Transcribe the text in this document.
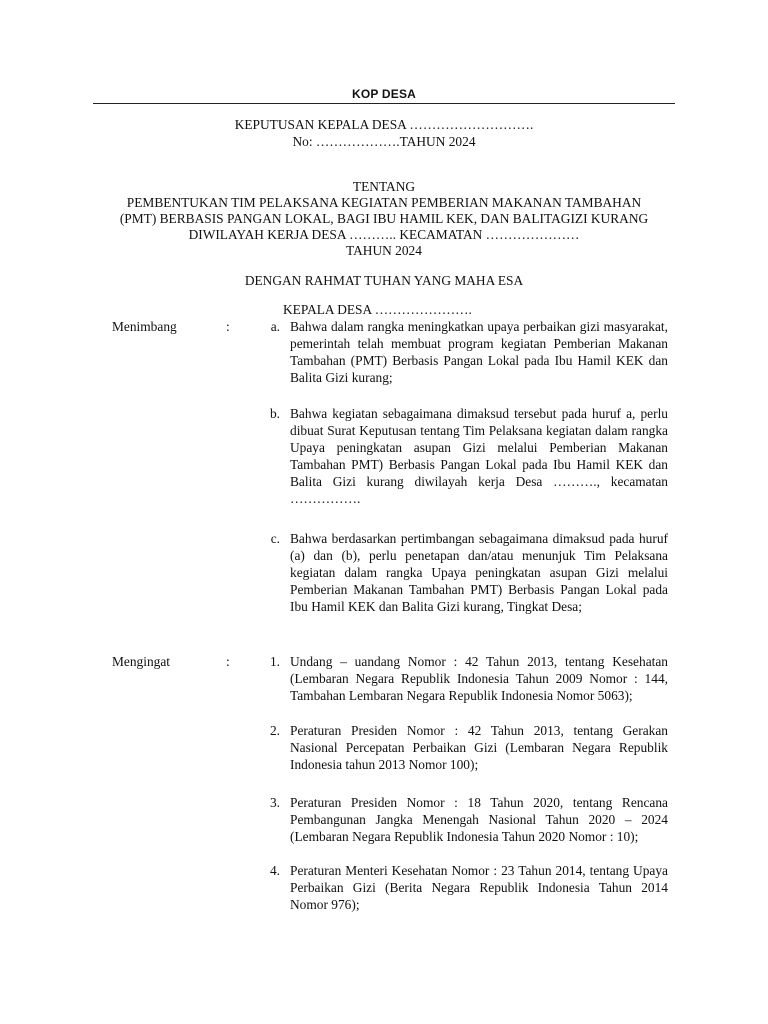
KOP DESA
KEPUTUSAN KEPALA DESA ……………………….
No: ……………….TAHUN 2024
TENTANG
PEMBENTUKAN TIM PELAKSANA KEGIATAN PEMBERIAN MAKANAN TAMBAHAN
(PMT) BERBASIS PANGAN LOKAL, BAGI IBU HAMIL KEK, DAN BALITAGIZI KURANG
DIWILAYAH KERJA DESA ……….. KECAMATAN …………………
TAHUN 2024
DENGAN RAHMAT TUHAN YANG MAHA ESA
KEPALA DESA ………………….
Menimbang	:	a. Bahwa dalam rangka meningkatkan upaya perbaikan gizi masyarakat, pemerintah telah membuat program kegiatan Pemberian Makanan Tambahan (PMT) Berbasis Pangan Lokal pada Ibu Hamil KEK dan Balita Gizi kurang;
b. Bahwa kegiatan sebagaimana dimaksud tersebut pada huruf a, perlu dibuat Surat Keputusan tentang Tim Pelaksana kegiatan dalam rangka Upaya peningkatan asupan Gizi melalui Pemberian Makanan Tambahan PMT) Berbasis Pangan Lokal pada Ibu Hamil KEK dan Balita Gizi kurang diwilayah kerja Desa ………., kecamatan …………….
c. Bahwa berdasarkan pertimbangan sebagaimana dimaksud pada huruf (a) dan (b), perlu penetapan dan/atau menunjuk Tim Pelaksana kegiatan dalam rangka Upaya peningkatan asupan Gizi melalui Pemberian Makanan Tambahan PMT) Berbasis Pangan Lokal pada Ibu Hamil KEK dan Balita Gizi kurang, Tingkat Desa;
Mengingat	:	1. Undang – uandang Nomor : 42 Tahun 2013, tentang Kesehatan (Lembaran Negara Republik Indonesia Tahun 2009 Nomor : 144, Tambahan Lembaran Negara Republik Indonesia Nomor 5063);
2. Peraturan Presiden Nomor : 42 Tahun 2013, tentang Gerakan Nasional Percepatan Perbaikan Gizi (Lembaran Negara Republik Indonesia tahun 2013 Nomor 100);
3. Peraturan Presiden Nomor : 18 Tahun 2020, tentang Rencana Pembangunan Jangka Menengah Nasional Tahun 2020 – 2024 (Lembaran Negara Republik Indonesia Tahun 2020 Nomor : 10);
4. Peraturan Menteri Kesehatan Nomor : 23 Tahun 2014, tentang Upaya Perbaikan Gizi (Berita Negara Republik Indonesia Tahun 2014 Nomor 976);
